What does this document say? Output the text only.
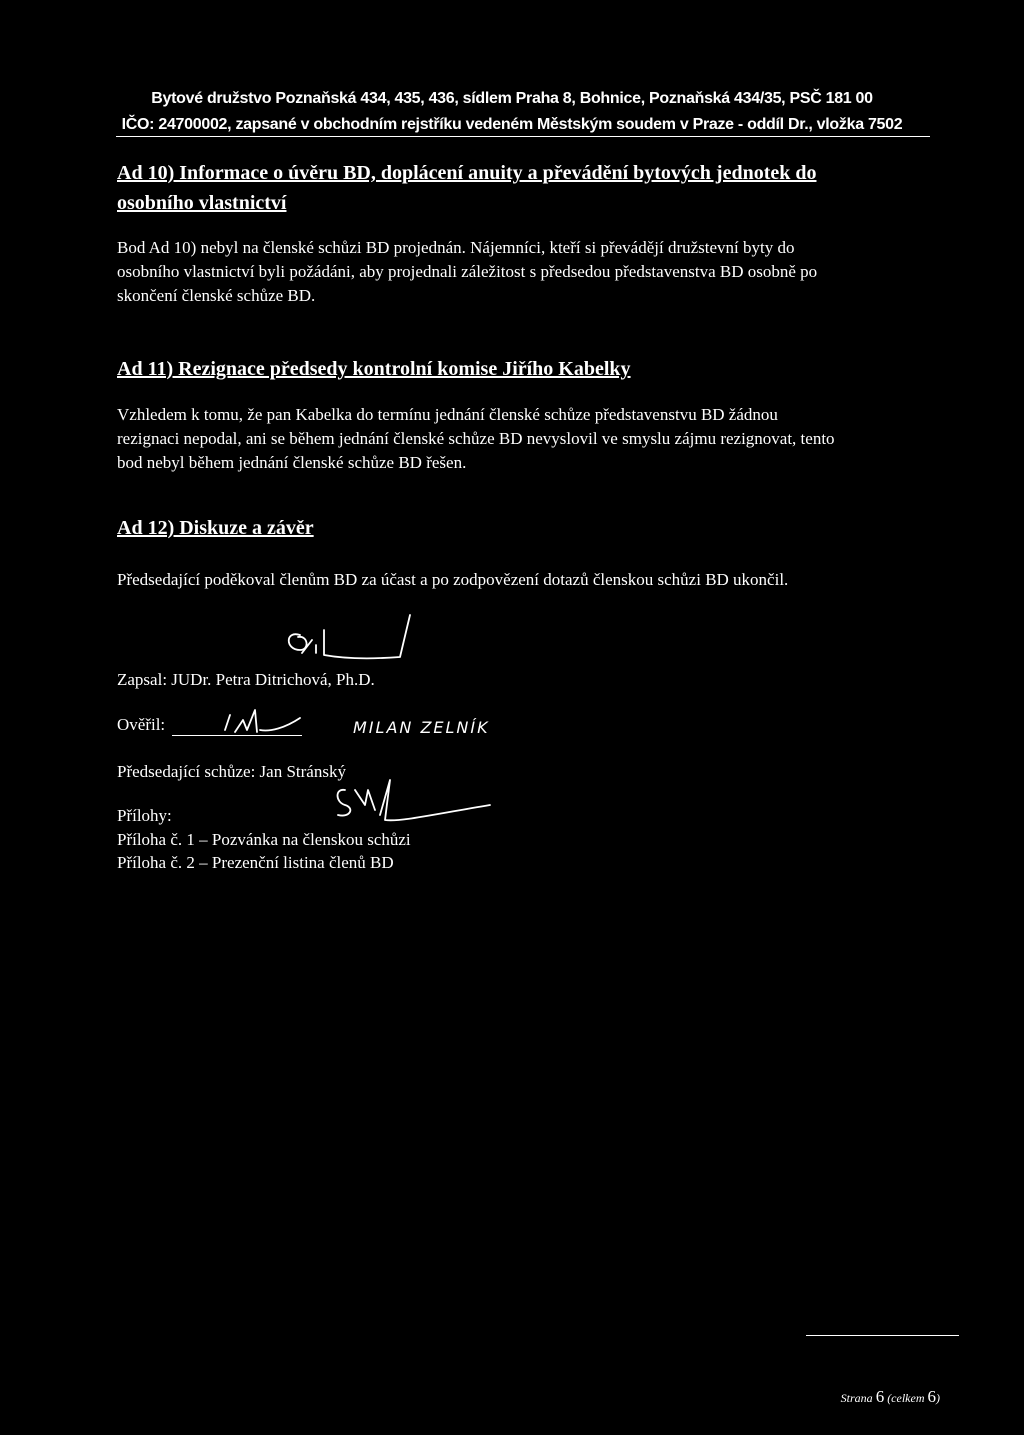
Bytové družstvo Poznaňská 434, 435, 436, sídlem Praha 8, Bohnice, Poznaňská 434/35, PSČ 181 00
IČO: 24700002, zapsané v obchodním rejstříku vedeném Městským soudem v Praze - oddíl Dr., vložka 7502
Ad 10) Informace o úvěru BD, doplácení anuity a převádění bytových jednotek do
osobního vlastnictví
Bod Ad 10) nebyl na členské schůzi BD projednán. Nájemníci, kteří si převádějí družstevní byty do
osobního vlastnictví byli požádáni, aby projednali záležitost s předsedou představenstva BD osobně po
skončení členské schůze BD.
Ad 11) Rezignace předsedy kontrolní komise Jiřího Kabelky
Vzhledem k tomu, že pan Kabelka do termínu jednání členské schůze představenstvu BD žádnou
rezignaci nepodal, ani se během jednání členské schůze BD nevyslovil ve smyslu zájmu rezignovat, tento
bod nebyl během jednání členské schůze BD řešen.
Ad 12) Diskuze a závěr
Předsedající poděkoval členům BD za účast a po zodpovězení dotazů členskou schůzi BD ukončil.
Zapsal: JUDr. Petra Ditrichová, Ph.D.
Ověřil:	MILAN ZELNÍK
Předsedající schůze: Jan Stránský
Přílohy:
Příloha č. 1 – Pozvánka na členskou schůzi
Příloha č. 2 – Prezenční listina členů BD
Strana 6 (celkem 6)
